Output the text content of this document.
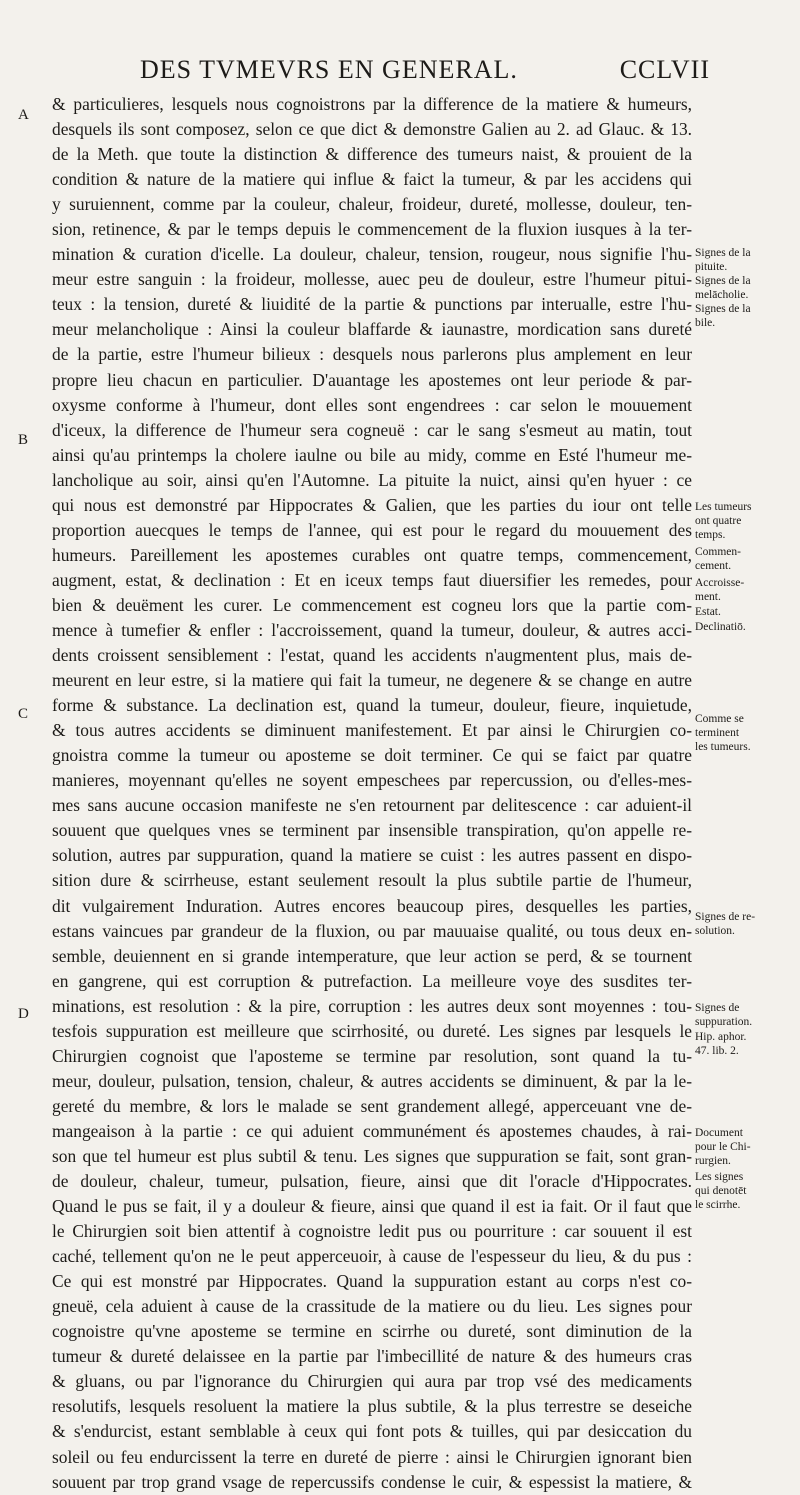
DES TVMEVRS EN GENERAL.	CCLVII
A
B
C
D
& particulieres, lesquels nous cognoistrons par la difference de la matiere & humeurs,
desquels ils sont composez, selon ce que dict & demonstre Galien au 2. ad Glauc. & 13.
de la Meth. que toute la distinction & difference des tumeurs naist, & prouient de la
condition & nature de la matiere qui influe & faict la tumeur, & par les accidens qui
y suruiennent, comme par la couleur, chaleur, froideur, dureté, mollesse, douleur, ten-
sion, retinence, & par le temps depuis le commencement de la fluxion iusques à la ter-
mination & curation d'icelle. La douleur, chaleur, tension, rougeur, nous signifie l'hu-
meur estre sanguin : la froideur, mollesse, auec peu de douleur, estre l'humeur pitui-
teux : la tension, dureté & liuidité de la partie & punctions par interualle, estre l'hu-
meur melancholique : Ainsi la couleur blaffarde & iaunastre, mordication sans dureté
de la partie, estre l'humeur bilieux : desquels nous parlerons plus amplement en leur
propre lieu chacun en particulier. D'auantage les apostemes ont leur periode & par-
oxysme conforme à l'humeur, dont elles sont engendrees : car selon le mouuement
d'iceux, la difference de l'humeur sera cogneuë : car le sang s'esmeut au matin, tout
ainsi qu'au printemps la cholere iaulne ou bile au midy, comme en Esté l'humeur me-
lancholique au soir, ainsi qu'en l'Automne. La pituite la nuict, ainsi qu'en hyuer : ce
qui nous est demonstré par Hippocrates & Galien, que les parties du iour ont telle
proportion auecques le temps de l'annee, qui est pour le regard du mouuement des
humeurs. Pareillement les apostemes curables ont quatre temps, commencement,
augment, estat, & declination : Et en iceux temps faut diuersifier les remedes, pour
bien & deuëment les curer. Le commencement est cogneu lors que la partie com-
mence à tumefier & enfler : l'accroissement, quand la tumeur, douleur, & autres acci-
dents croissent sensiblement : l'estat, quand les accidents n'augmentent plus, mais de-
meurent en leur estre, si la matiere qui fait la tumeur, ne degenere & se change en autre
forme & substance. La declination est, quand la tumeur, douleur, fieure, inquietude,
& tous autres accidents se diminuent manifestement. Et par ainsi le Chirurgien co-
gnoistra comme la tumeur ou aposteme se doit terminer. Ce qui se faict par quatre
manieres, moyennant qu'elles ne soyent empeschees par repercussion, ou d'elles-mes-
mes sans aucune occasion manifeste ne s'en retournent par delitescence : car aduient-il
souuent que quelques vnes se terminent par insensible transpiration, qu'on appelle re-
solution, autres par suppuration, quand la matiere se cuist : les autres passent en dispo-
sition dure & scirrheuse, estant seulement resoult la plus subtile partie de l'humeur,
dit vulgairement Induration. Autres encores beaucoup pires, desquelles les parties,
estans vaincues par grandeur de la fluxion, ou par mauuaise qualité, ou tous deux en-
semble, deuiennent en si grande intemperature, que leur action se perd, & se tournent
en gangrene, qui est corruption & putrefaction. La meilleure voye des susdites ter-
minations, est resolution : & la pire, corruption : les autres deux sont moyennes : tou-
tesfois suppuration est meilleure que scirrhosité, ou dureté. Les signes par lesquels le
Chirurgien cognoist que l'aposteme se termine par resolution, sont quand la tu-
meur, douleur, pulsation, tension, chaleur, & autres accidents se diminuent, & par la le-
gereté du membre, & lors le malade se sent grandement allegé, apperceuant vne de-
mangeaison à la partie : ce qui aduient communément és apostemes chaudes, à rai-
son que tel humeur est plus subtil & tenu. Les signes que suppuration se fait, sont gran-
de douleur, chaleur, tumeur, pulsation, fieure, ainsi que dit l'oracle d'Hippocrates.
Quand le pus se fait, il y a douleur & fieure, ainsi que quand il est ia fait. Or il faut que
le Chirurgien soit bien attentif à cognoistre ledit pus ou pourriture : car souuent il est
caché, tellement qu'on ne le peut apperceuoir, à cause de l'espesseur du lieu, & du pus :
Ce qui est monstré par Hippocrates. Quand la suppuration estant au corps n'est co-
gneuë, cela aduient à cause de la crassitude de la matiere ou du lieu. Les signes pour
cognoistre qu'vne aposteme se termine en scirrhe ou dureté, sont diminution de la
tumeur & dureté delaissee en la partie par l'imbecillité de nature & des humeurs cras
& gluans, ou par l'ignorance du Chirurgien qui aura par trop vsé des medicaments
resolutifs, lesquels resoluent la matiere la plus subtile, & la plus terrestre se deseiche
& s'endurcist, estant semblable à ceux qui font pots & tuilles, qui par desiccation du
soleil ou feu endurcissent la terre en dureté de pierre : ainsi le Chirurgien ignorant bien
souuent par trop grand vsage de repercussifs condense le cuir, & espessist la matiere, &
Signes de la
pituite.
Signes de la
melācholie.
Signes de la
bile.
Les tumeurs
ont quatre
temps.
Commen-
cement.
Accroisse-
ment.
Estat.
Declinatiō.
Comme se
terminent
les tumeurs.
Signes de re-
solution.
Signes de
suppuration.
Hip. aphor.
47. lib. 2.
Document
pour le Chi-
rurgien.
Les signes
qui denotēt
le scirrhe.
